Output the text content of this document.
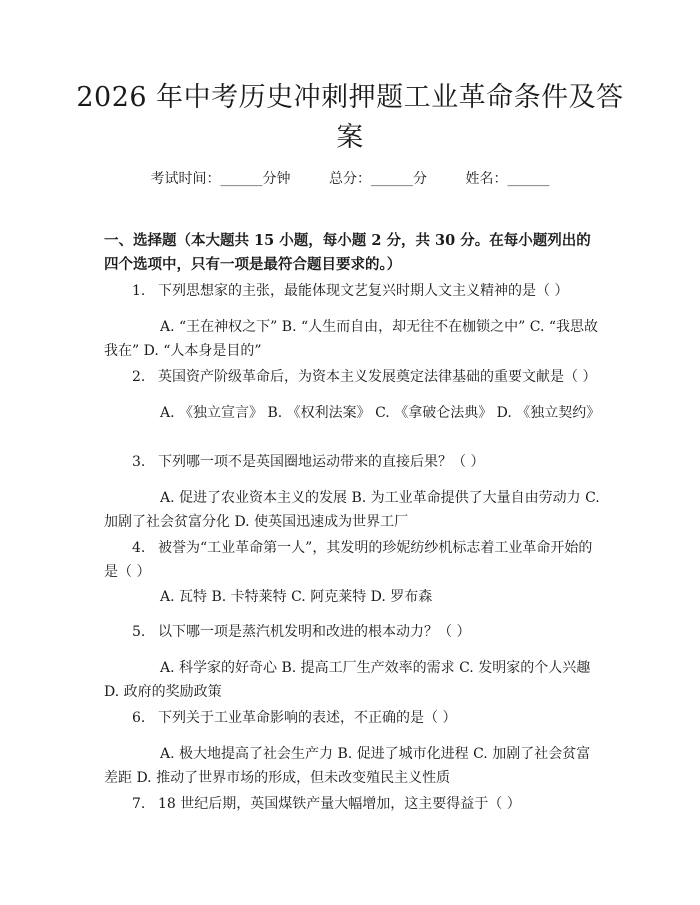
2026 年中考历史冲刺押题工业革命条件及答案
考试时间：______分钟	总分：______分	姓名：______

一、选择题（本大题共 15 小题，每小题 2 分，共 30 分。在每小题列出的四个选项中，只有一项是最符合题目要求的。）

1. 下列思想家的主张，最能体现文艺复兴时期人文主义精神的是（ ）
A. “王在神权之下” B. “人生而自由，却无往不在枷锁之中” C. “我思故我在” D. “人本身是目的”
2. 英国资产阶级革命后，为资本主义发展奠定法律基础的重要文献是（ ）
A. 《独立宣言》 B. 《权利法案》 C. 《拿破仑法典》 D. 《独立契约》
3. 下列哪一项不是英国圈地运动带来的直接后果？（ ）
A. 促进了农业资本主义的发展 B. 为工业革命提供了大量自由劳动力 C. 加剧了社会贫富分化 D. 使英国迅速成为世界工厂
4. 被誉为“工业革命第一人”，其发明的珍妮纺纱机标志着工业革命开始的是（ ）
A. 瓦特 B. 卡特莱特 C. 阿克莱特 D. 罗布森
5. 以下哪一项是蒸汽机发明和改进的根本动力？（ ）
A. 科学家的好奇心 B. 提高工厂生产效率的需求 C. 发明家的个人兴趣 D. 政府的奖励政策
6. 下列关于工业革命影响的表述，不正确的是（ ）
A. 极大地提高了社会生产力 B. 促进了城市化进程 C. 加剧了社会贫富差距 D. 推动了世界市场的形成，但未改变殖民主义性质
7. 18 世纪后期，英国煤铁产量大幅增加，这主要得益于（ ）
